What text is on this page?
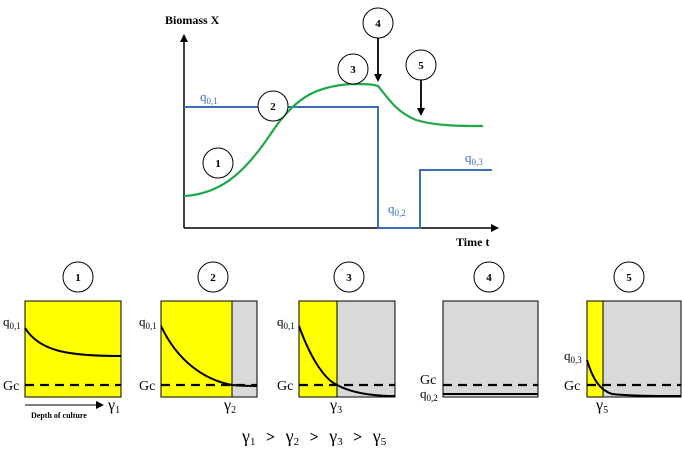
Biomass X
Time t
$q_{0,1}$
$q_{0,2}$
$q_{0,3}$
1
2
3
4
5
1
$q_{0,1}$
Gc
γ1
Depth of culture
2
$q_{0,1}$
Gc
γ2
3
$q_{0,1}$
Gc
γ3
4
Gc
$q_{0,2}$
5
$q_{0,3}$
Gc
γ5
γ1 > γ2 > γ3 > γ5
